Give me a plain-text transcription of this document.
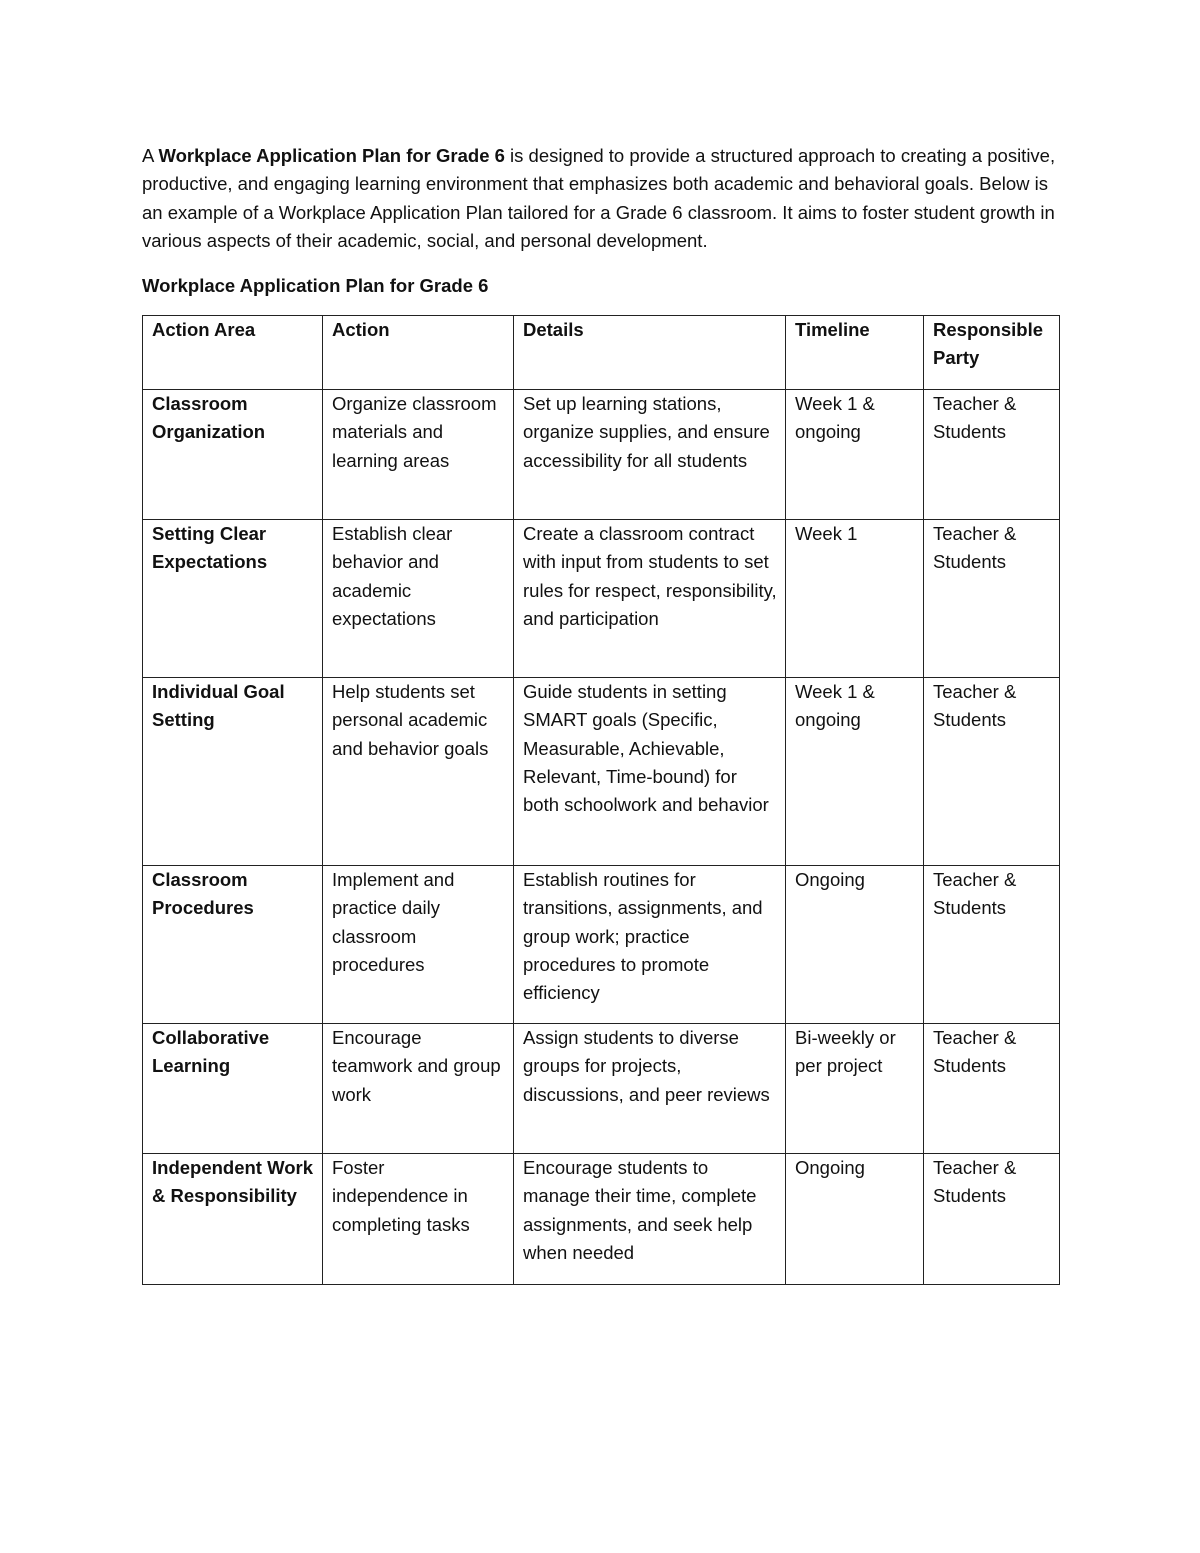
A Workplace Application Plan for Grade 6 is designed to provide a structured approach to creating a positive, productive, and engaging learning environment that emphasizes both academic and behavioral goals. Below is an example of a Workplace Application Plan tailored for a Grade 6 classroom. It aims to foster student growth in various aspects of their academic, social, and personal development.

Workplace Application Plan for Grade 6
Action Area	Action	Details	Timeline	Responsible Party
Classroom Organization	Organize classroom materials and learning areas	Set up learning stations, organize supplies, and ensure accessibility for all students	Week 1 & ongoing	Teacher & Students
Setting Clear Expectations	Establish clear behavior and academic expectations	Create a classroom contract with input from students to set rules for respect, responsibility, and participation	Week 1	Teacher & Students
Individual Goal Setting	Help students set personal academic and behavior goals	Guide students in setting SMART goals (Specific, Measurable, Achievable, Relevant, Time-bound) for both schoolwork and behavior	Week 1 & ongoing	Teacher & Students
Classroom Procedures	Implement and practice daily classroom procedures	Establish routines for transitions, assignments, and group work; practice procedures to promote efficiency	Ongoing	Teacher & Students
Collaborative Learning	Encourage teamwork and group work	Assign students to diverse groups for projects, discussions, and peer reviews	Bi-weekly or per project	Teacher & Students
Independent Work & Responsibility	Foster independence in completing tasks	Encourage students to manage their time, complete assignments, and seek help when needed	Ongoing	Teacher & Students
